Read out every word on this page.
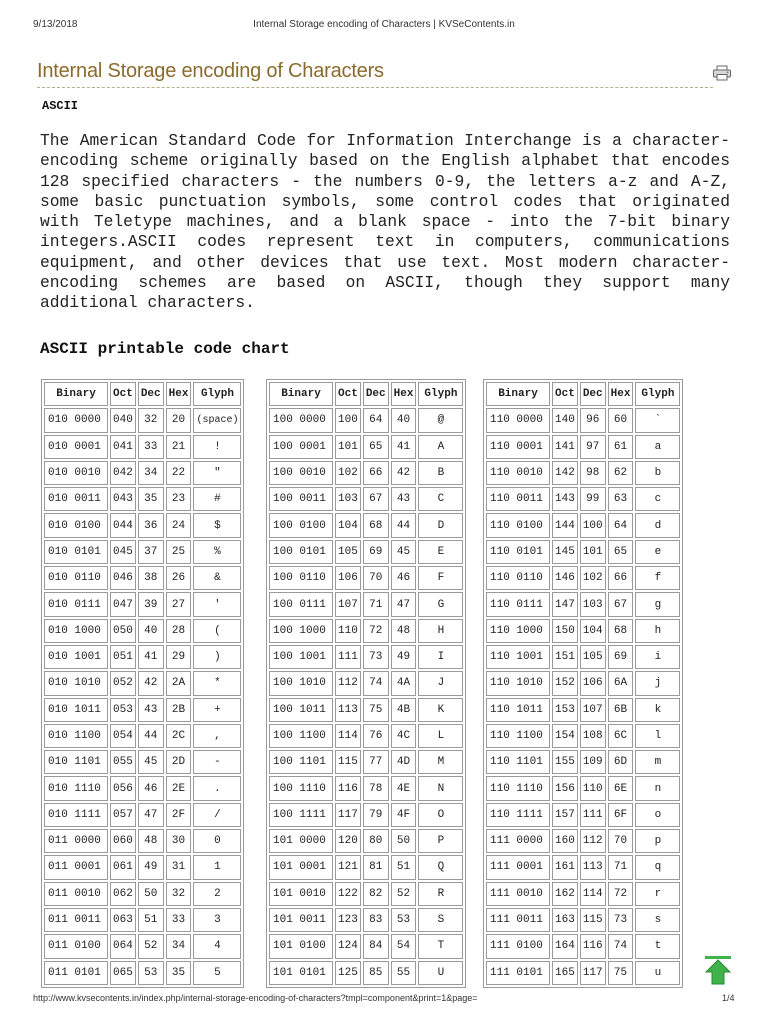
9/13/2018	Internal Storage encoding of Characters | KVSeContents.in
Internal Storage encoding of Characters
ASCII

The American Standard Code for Information Interchange is a character-encoding scheme originally based on the English alphabet that encodes 128 specified characters - the numbers 0-9, the letters a-z and A-Z, some basic punctuation symbols, some control codes that originated with Teletype machines, and a blank space - into the 7-bit binary integers.ASCII codes represent text in computers, communications equipment, and other devices that use text. Most modern character-encoding schemes are based on ASCII, though they support many additional characters.

ASCII printable code chart
Binary	Oct	Dec	Hex	Glyph
010 0000	040	32	20	(space)
010 0001	041	33	21	!
010 0010	042	34	22	"
010 0011	043	35	23	#
010 0100	044	36	24	$
010 0101	045	37	25	%
010 0110	046	38	26	&
010 0111	047	39	27	'
010 1000	050	40	28	(
010 1001	051	41	29	)
010 1010	052	42	2A	*
010 1011	053	43	2B	+
010 1100	054	44	2C	,
010 1101	055	45	2D	-
010 1110	056	46	2E	.
010 1111	057	47	2F	/
011 0000	060	48	30	0
011 0001	061	49	31	1
011 0010	062	50	32	2
011 0011	063	51	33	3
011 0100	064	52	34	4
011 0101	065	53	35	5
Binary	Oct	Dec	Hex	Glyph
100 0000	100	64	40	@
100 0001	101	65	41	A
100 0010	102	66	42	B
100 0011	103	67	43	C
100 0100	104	68	44	D
100 0101	105	69	45	E
100 0110	106	70	46	F
100 0111	107	71	47	G
100 1000	110	72	48	H
100 1001	111	73	49	I
100 1010	112	74	4A	J
100 1011	113	75	4B	K
100 1100	114	76	4C	L
100 1101	115	77	4D	M
100 1110	116	78	4E	N
100 1111	117	79	4F	O
101 0000	120	80	50	P
101 0001	121	81	51	Q
101 0010	122	82	52	R
101 0011	123	83	53	S
101 0100	124	84	54	T
101 0101	125	85	55	U
Binary	Oct	Dec	Hex	Glyph
110 0000	140	96	60	`
110 0001	141	97	61	a
110 0010	142	98	62	b
110 0011	143	99	63	c
110 0100	144	100	64	d
110 0101	145	101	65	e
110 0110	146	102	66	f
110 0111	147	103	67	g
110 1000	150	104	68	h
110 1001	151	105	69	i
110 1010	152	106	6A	j
110 1011	153	107	6B	k
110 1100	154	108	6C	l
110 1101	155	109	6D	m
110 1110	156	110	6E	n
110 1111	157	111	6F	o
111 0000	160	112	70	p
111 0001	161	113	71	q
111 0010	162	114	72	r
111 0011	163	115	73	s
111 0100	164	116	74	t
111 0101	165	117	75	u
http://www.kvsecontents.in/index.php/internal-storage-encoding-of-characters?tmpl=component&print=1&page=	1/4
